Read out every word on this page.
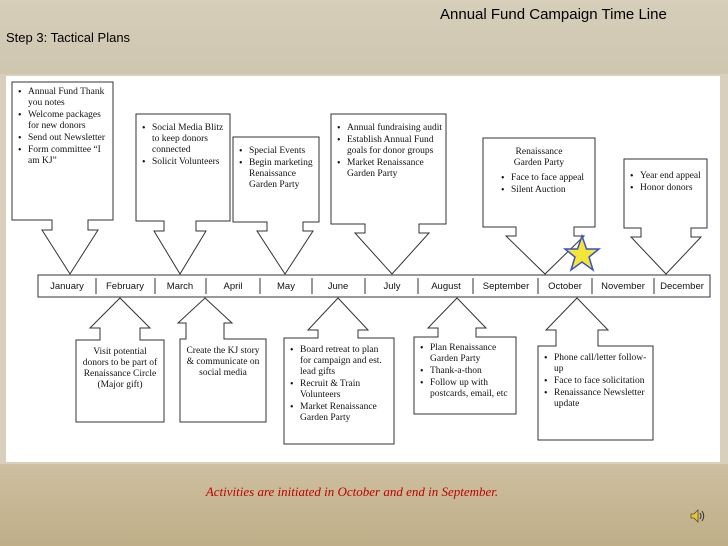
Annual Fund Campaign Time Line
Step 3: Tactical Plans
January February March	April	May	June	July	August September October November December
• Annual Fund Thank you notes
• Welcome packages for new donors
• Send out Newsletter
• Form committee “I am KJ”
• Social Media Blitz to keep donors connected
• Solicit Volunteers
• Special Events
• Begin marketing Renaissance Garden Party
• Annual fundraising audit
• Establish Annual Fund goals for donor groups
• Market Renaissance Garden Party
Renaissance Garden Party
• Face to face appeal
• Silent Auction
• Year end appeal
• Honor donors
Visit potential donors to be part of Renaissance Circle (Major gift)
Create the KJ story & communicate on social media
• Board retreat to plan for campaign and est. lead gifts
• Recruit & Train Volunteers
• Market Renaissance Garden Party
• Plan Renaissance Garden Party
• Thank-a-thon
• Follow up with postcards, email, etc
• Phone call/letter follow-up
• Face to face solicitation
• Renaissance Newsletter update
Activities are initiated in October and end in September.
